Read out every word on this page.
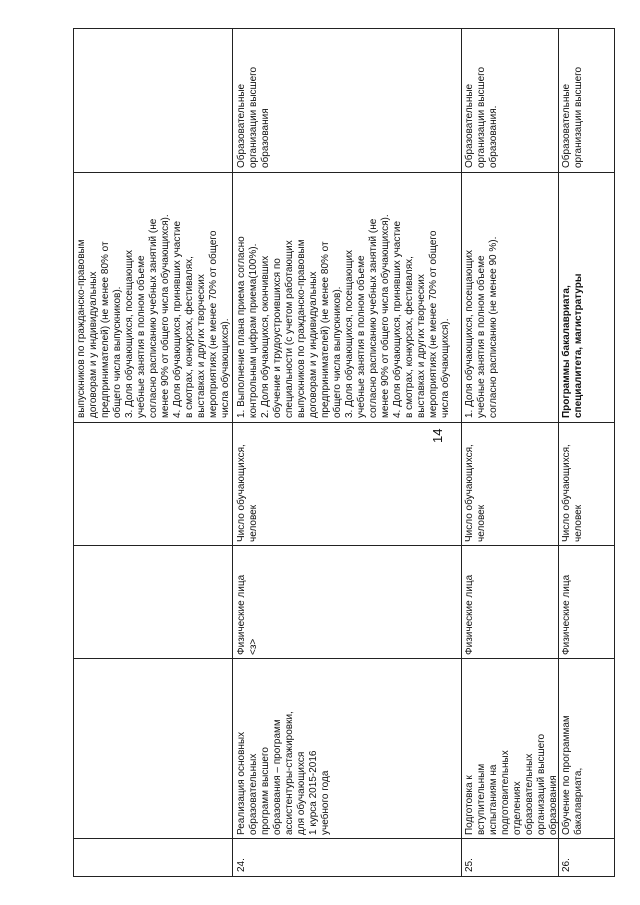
14
выпускников по гражданско-правовым
договорам и у индивидуальных
предпринимателей) (не менее 80% от
общего числа выпускников).
3. Доля обучающихся, посещающих
учебные занятия в полном объеме
согласно расписанию учебных занятий (не
менее 90% от общего числа обучающихся).
4. Доля обучающихся, принявших участие
в смотрах, конкурсах, фестивалях,
выставках и других творческих
мероприятиях (не менее 70% от общего
числа обучающихся).
24.
Реализация основных
образовательных
программ высшего
образования – программ
ассистентуры-стажировки,
для обучающихся
1 курса 2015-2016
учебного года
Физические лица
<з>
Число обучающихся,
человек
1. Выполнение плана приема согласно
контрольным цифрам приема(100%).
2. Доля обучающихся, окончивших
обучение и трудоустроившихся по
специальности (с учетом работающих
выпускников по гражданско-правовым
договорам и у индивидуальных
предпринимателей) (не менее 80% от
общего числа выпускников).
3. Доля обучающихся, посещающих
учебные занятия в полном объеме
согласно расписанию учебных занятий (не
менее 90% от общего числа обучающихся).
4. Доля обучающихся, принявших участие
в смотрах, конкурсах, фестивалях,
выставках и других творческих
мероприятиях (не менее 70% от общего
числа обучающихся).
Образовательные
организации высшего
образования
25.
Подготовка к
вступительным
испытаниям на
подготовительных
отделениях
образовательных
организаций высшего
образования
Физические лица
Число обучающихся,
человек
1. Доля обучающихся, посещающих
учебные занятия в полном объеме
согласно расписанию (не менее 90 %).
Образовательные
организации высшего
образования.
26.
Обучение по программам
бакалавриата,
Физические лица
Число обучающихся,
человек
Программы бакалавриата,
специалитета, магистратуры
Образовательные
организации высшего
